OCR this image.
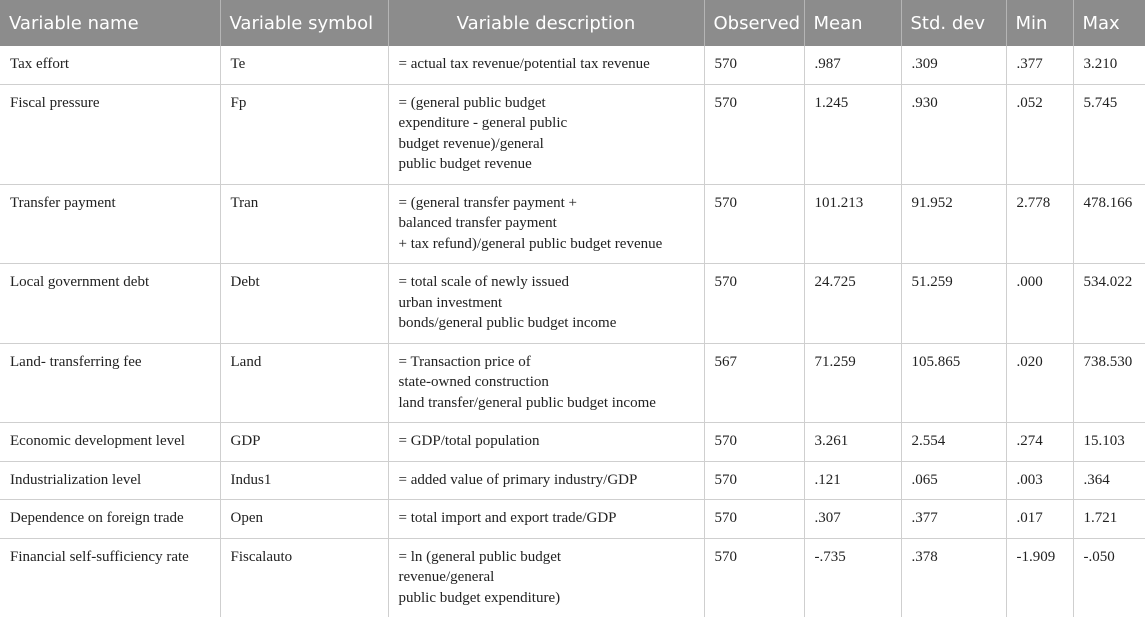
Variable name	Variable symbol	Variable description	Observed	Mean	Std. dev	Min	Max
Tax effort	Te	= actual tax revenue/potential tax revenue	570	.987	.309	.377	3.210
Fiscal pressure	Fp	= (general public budget
expenditure - general public
budget revenue)/general
public budget revenue	570	1.245	.930	.052	5.745
Transfer payment	Tran	= (general transfer payment +
balanced transfer payment
+ tax refund)/general public budget revenue	570	101.213	91.952	2.778	478.166
Local government debt	Debt	= total scale of newly issued
urban investment
bonds/general public budget income	570	24.725	51.259	.000	534.022
Land- transferring fee	Land	= Transaction price of
state-owned construction
land transfer/general public budget income	567	71.259	105.865	.020	738.530
Economic development level	GDP	= GDP/total population	570	3.261	2.554	.274	15.103
Industrialization level	Indus1	= added value of primary industry/GDP	570	.121	.065	.003	.364
Dependence on foreign trade	Open	= total import and export trade/GDP	570	.307	.377	.017	1.721
Financial self-sufficiency rate	Fiscalauto	= ln (general public budget
revenue/general
public budget expenditure)	570	-.735	.378	-1.909	-.050
